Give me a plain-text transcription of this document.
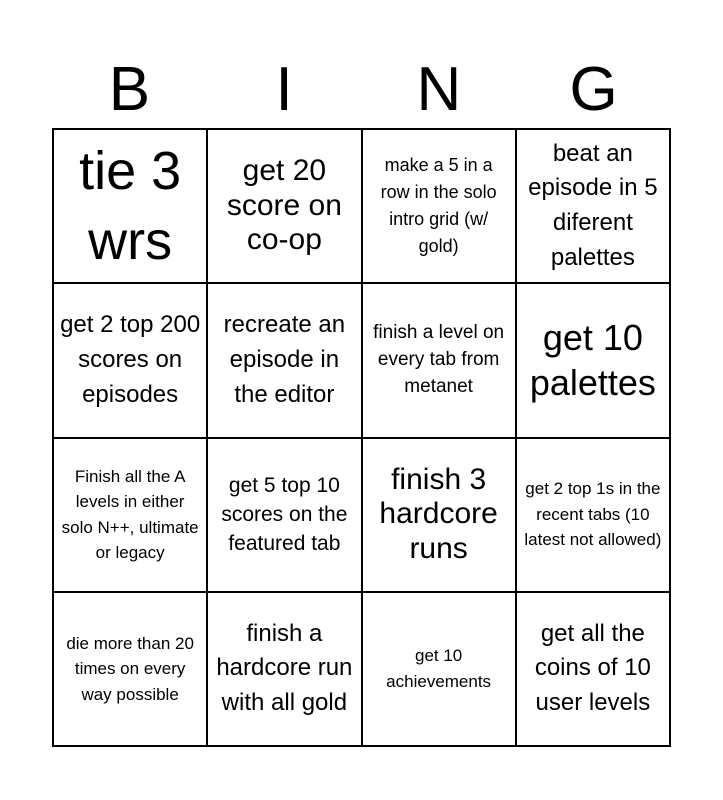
B	I	N	G
tie 3 wrs
get 20 score on co-op
make a 5 in a row in the solo intro grid (w/ gold)
beat an episode in 5 diferent palettes
get 2 top 200 scores on episodes
recreate an episode in the editor
finish a level on every tab from metanet
get 10 palettes
Finish all the A levels in either solo N++, ultimate or legacy
get 5 top 10 scores on the featured tab
finish 3 hardcore runs
get 2 top 1s in the recent tabs (10 latest not allowed)
die more than 20 times on every way possible
finish a hardcore run with all gold
get 10 achievements
get all the coins of 10 user levels
